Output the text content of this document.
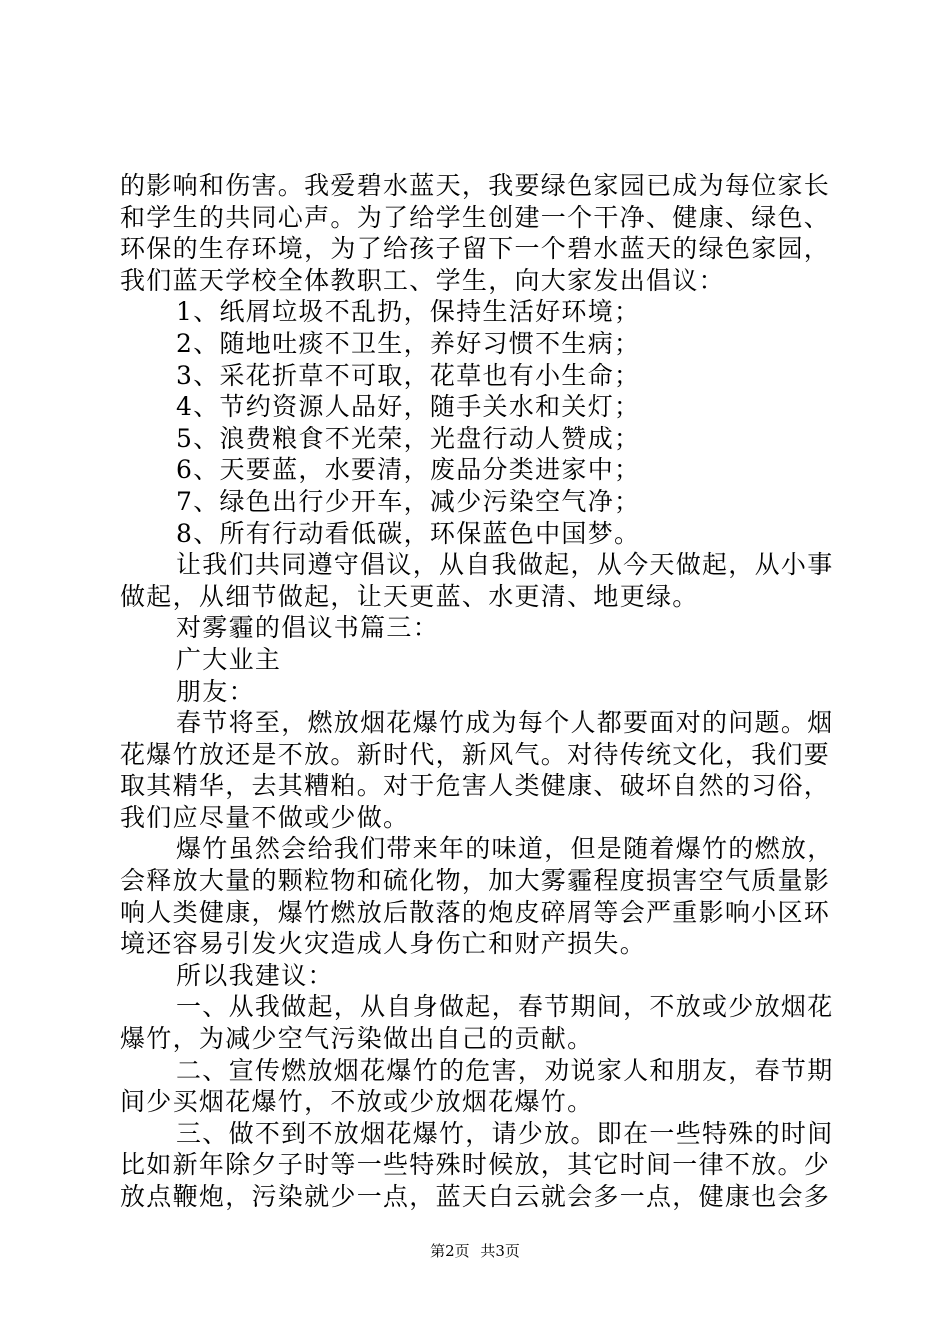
的影响和伤害。我爱碧水蓝天，我要绿色家园已成为每位家长
和学生的共同心声。为了给学生创建一个干净、健康、绿色、
环保的生存环境，为了给孩子留下一个碧水蓝天的绿色家园，
我们蓝天学校全体教职工、学生，向大家发出倡议：
1、纸屑垃圾不乱扔，保持生活好环境；
2、随地吐痰不卫生，养好习惯不生病；
3、采花折草不可取，花草也有小生命；
4、节约资源人品好，随手关水和关灯；
5、浪费粮食不光荣，光盘行动人赞成；
6、天要蓝，水要清，废品分类进家中；
7、绿色出行少开车，减少污染空气净；
8、所有行动看低碳，环保蓝色中国梦。
让我们共同遵守倡议，从自我做起，从今天做起，从小事
做起，从细节做起，让天更蓝、水更清、地更绿。
对雾霾的倡议书篇三：
广大业主
朋友：
春节将至，燃放烟花爆竹成为每个人都要面对的问题。烟
花爆竹放还是不放。新时代，新风气。对待传统文化，我们要
取其精华，去其糟粕。对于危害人类健康、破坏自然的习俗，
我们应尽量不做或少做。
爆竹虽然会给我们带来年的味道，但是随着爆竹的燃放，
会释放大量的颗粒物和硫化物，加大雾霾程度损害空气质量影
响人类健康，爆竹燃放后散落的炮皮碎屑等会严重影响小区环
境还容易引发火灾造成人身伤亡和财产损失。
所以我建议：
一、从我做起，从自身做起，春节期间，不放或少放烟花
爆竹，为减少空气污染做出自己的贡献。
二、宣传燃放烟花爆竹的危害，劝说家人和朋友，春节期
间少买烟花爆竹，不放或少放烟花爆竹。
三、做不到不放烟花爆竹，请少放。即在一些特殊的时间
比如新年除夕子时等一些特殊时候放，其它时间一律不放。少
放点鞭炮，污染就少一点，蓝天白云就会多一点，健康也会多
第2页 共3页
